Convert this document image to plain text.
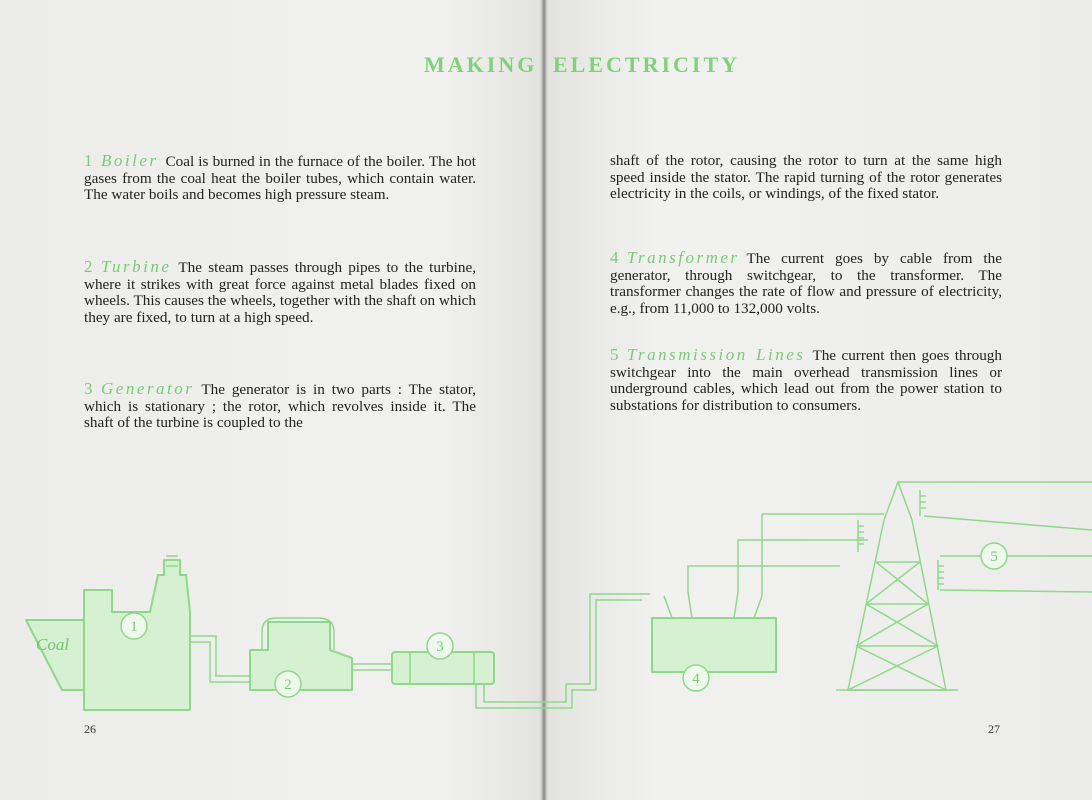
MAKING ELECTRICITY
1 Boiler Coal is burned in the furnace of the boiler. The hot gases from the coal heat the boiler tubes, which contain water. The water boils and becomes high pressure steam.
2 Turbine The steam passes through pipes to the turbine, where it strikes with great force against metal blades fixed on wheels. This causes the wheels, together with the shaft on which they are fixed, to turn at a high speed.
3 Generator The generator is in two parts : The stator, which is stationary ; the rotor, which revolves inside it. The shaft of the turbine is coupled to the
shaft of the rotor, causing the rotor to turn at the same high speed inside the stator. The rapid turning of the rotor generates electricity in the coils, or windings, of the fixed stator.
4 Transformer The current goes by cable from the generator, through switchgear, to the transformer. The transformer changes the rate of flow and pressure of electricity, e.g., from 11,000 to 132,000 volts.
5 Transmission Lines The current then goes through switchgear into the main overhead transmission lines or underground cables, which lead out from the power station to substations for distribution to consumers.
1
2
3
4
5
Coal
26	27
